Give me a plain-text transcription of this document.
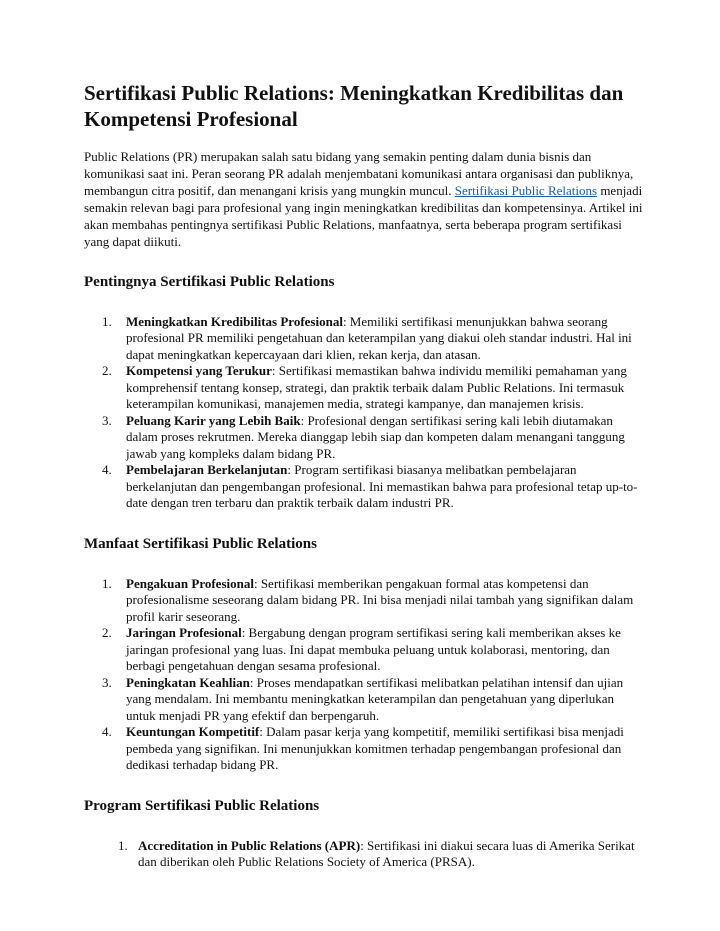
Sertifikasi Public Relations: Meningkatkan Kredibilitas dan Kompetensi Profesional

Public Relations (PR) merupakan salah satu bidang yang semakin penting dalam dunia bisnis dan komunikasi saat ini. Peran seorang PR adalah menjembatani komunikasi antara organisasi dan publiknya, membangun citra positif, dan menangani krisis yang mungkin muncul. Sertifikasi Public Relations menjadi semakin relevan bagi para profesional yang ingin meningkatkan kredibilitas dan kompetensinya. Artikel ini akan membahas pentingnya sertifikasi Public Relations, manfaatnya, serta beberapa program sertifikasi yang dapat diikuti.

Pentingnya Sertifikasi Public Relations
1.	Meningkatkan Kredibilitas Profesional: Memiliki sertifikasi menunjukkan bahwa seorang profesional PR memiliki pengetahuan dan keterampilan yang diakui oleh standar industri. Hal ini dapat meningkatkan kepercayaan dari klien, rekan kerja, dan atasan.
2.	Kompetensi yang Terukur: Sertifikasi memastikan bahwa individu memiliki pemahaman yang komprehensif tentang konsep, strategi, dan praktik terbaik dalam Public Relations. Ini termasuk keterampilan komunikasi, manajemen media, strategi kampanye, dan manajemen krisis.
3.	Peluang Karir yang Lebih Baik: Profesional dengan sertifikasi sering kali lebih diutamakan dalam proses rekrutmen. Mereka dianggap lebih siap dan kompeten dalam menangani tanggung jawab yang kompleks dalam bidang PR.
4.	Pembelajaran Berkelanjutan: Program sertifikasi biasanya melibatkan pembelajaran berkelanjutan dan pengembangan profesional. Ini memastikan bahwa para profesional tetap up-to-date dengan tren terbaru dan praktik terbaik dalam industri PR.
Manfaat Sertifikasi Public Relations
1.	Pengakuan Profesional: Sertifikasi memberikan pengakuan formal atas kompetensi dan profesionalisme seseorang dalam bidang PR. Ini bisa menjadi nilai tambah yang signifikan dalam profil karir seseorang.
2.	Jaringan Profesional: Bergabung dengan program sertifikasi sering kali memberikan akses ke jaringan profesional yang luas. Ini dapat membuka peluang untuk kolaborasi, mentoring, dan berbagi pengetahuan dengan sesama profesional.
3.	Peningkatan Keahlian: Proses mendapatkan sertifikasi melibatkan pelatihan intensif dan ujian yang mendalam. Ini membantu meningkatkan keterampilan dan pengetahuan yang diperlukan untuk menjadi PR yang efektif dan berpengaruh.
4.	Keuntungan Kompetitif: Dalam pasar kerja yang kompetitif, memiliki sertifikasi bisa menjadi pembeda yang signifikan. Ini menunjukkan komitmen terhadap pengembangan profesional dan dedikasi terhadap bidang PR.
Program Sertifikasi Public Relations
1. Accreditation in Public Relations (APR): Sertifikasi ini diakui secara luas di Amerika Serikat dan diberikan oleh Public Relations Society of America (PRSA).
